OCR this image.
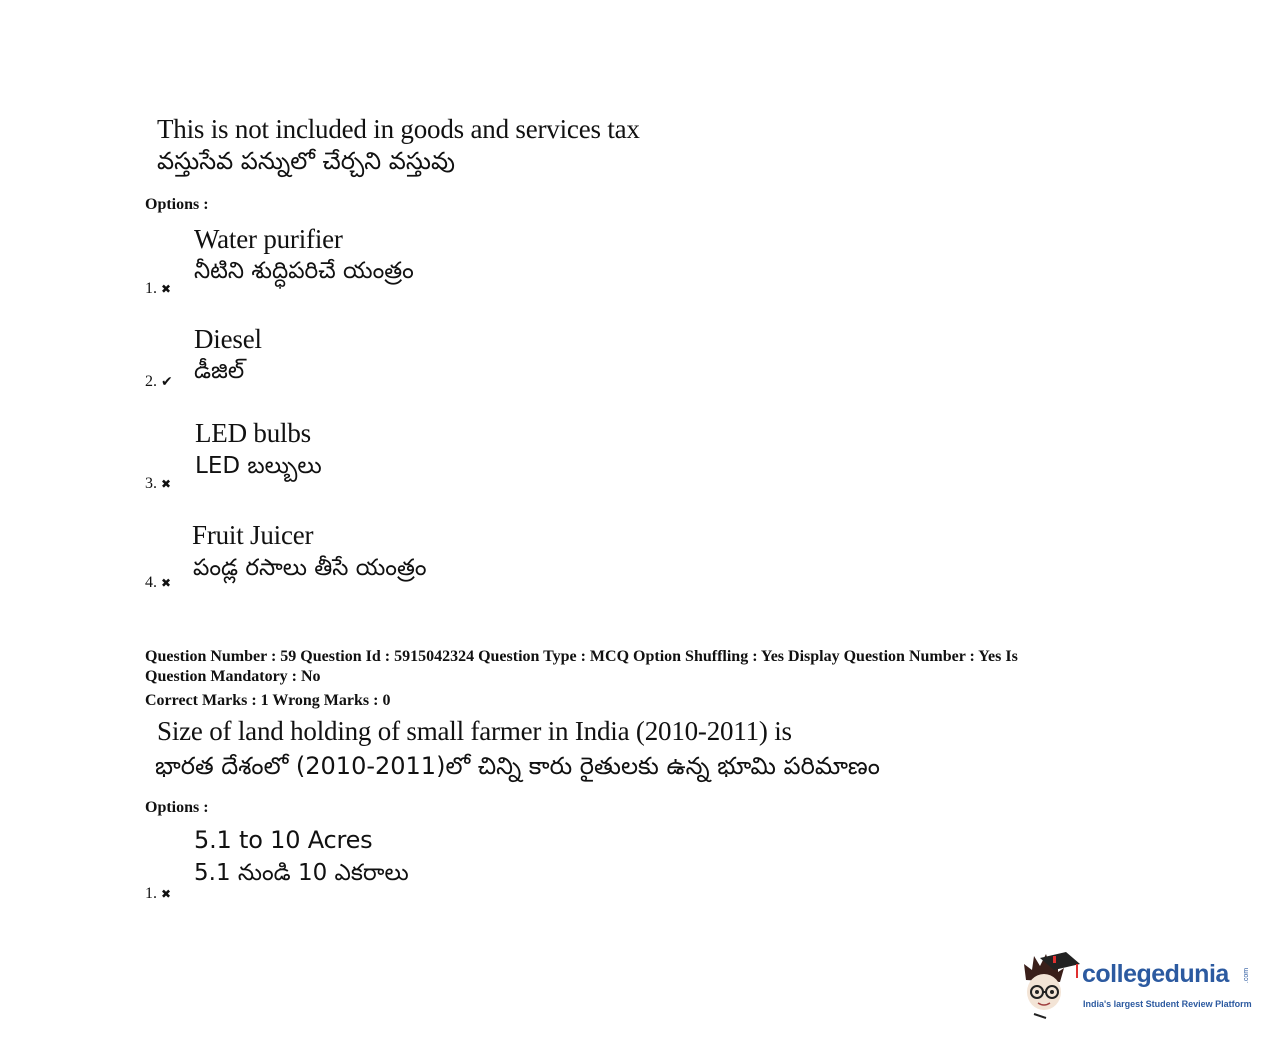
This is not included in goods and services tax
వస్తుసేవ పన్నులో చేర్చని వస్తువు
Options :
Water purifier
నీటిని శుద్ధిపరిచే యంత్రం
1. ✖
Diesel
డీజిల్
2. ✔
LED bulbs
LED బల్బులు
3. ✖
Fruit Juicer
పండ్ల రసాలు తీసే యంత్రం
4. ✖
Question Number : 59 Question Id : 5915042324 Question Type : MCQ Option Shuffling : Yes Display Question Number : Yes Is
Question Mandatory : No
Correct Marks : 1 Wrong Marks : 0
Size of land holding of small farmer in India (2010-2011) is
భారత దేశంలో (2010-2011)లో చిన్ని కారు రైతులకు ఉన్న భూమి పరిమాణం
Options :
5.1 to 10 Acres
5.1 నుండి 10 ఎకరాలు
1. ✖
collegedunia .com
India's largest Student Review Platform
